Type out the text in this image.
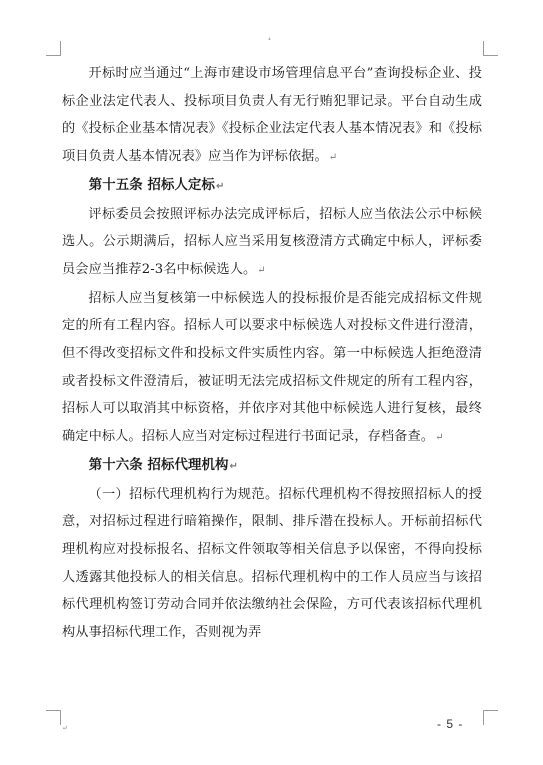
₄
↵

开标时应当通过“上海市建设市场管理信息平台”查询投标企业、投标企业法定代表人、投标项目负责人有无行贿犯罪记录。平台自动生成的《投标企业基本情况表》《投标企业法定代表人基本情况表》和《投标项目负责人基本情况表》应当作为评标依据。↵

第十五条 招标人定标↵

评标委员会按照评标办法完成评标后，招标人应当依法公示中标候选人。公示期满后，招标人应当采用复核澄清方式确定中标人，评标委员会应当推荐2-3名中标候选人。↵

招标人应当复核第一中标候选人的投标报价是否能完成招标文件规定的所有工程内容。招标人可以要求中标候选人对投标文件进行澄清，但不得改变招标文件和投标文件实质性内容。第一中标候选人拒绝澄清或者投标文件澄清后，被证明无法完成招标文件规定的所有工程内容，招标人可以取消其中标资格，并依序对其他中标候选人进行复核，最终确定中标人。招标人应当对定标过程进行书面记录，存档备查。↵

第十六条 招标代理机构↵

（一）招标代理机构行为规范。招标代理机构不得按照招标人的授意，对招标过程进行暗箱操作，限制、排斥潜在投标人。开标前招标代理机构应对投标报名、招标文件领取等相关信息予以保密，不得向投标人透露其他投标人的相关信息。招标代理机构中的工作人员应当与该招标代理机构签订劳动合同并依法缴纳社会保险，方可代表该招标代理机构从事招标代理工作，否则视为弄

- 5 -
